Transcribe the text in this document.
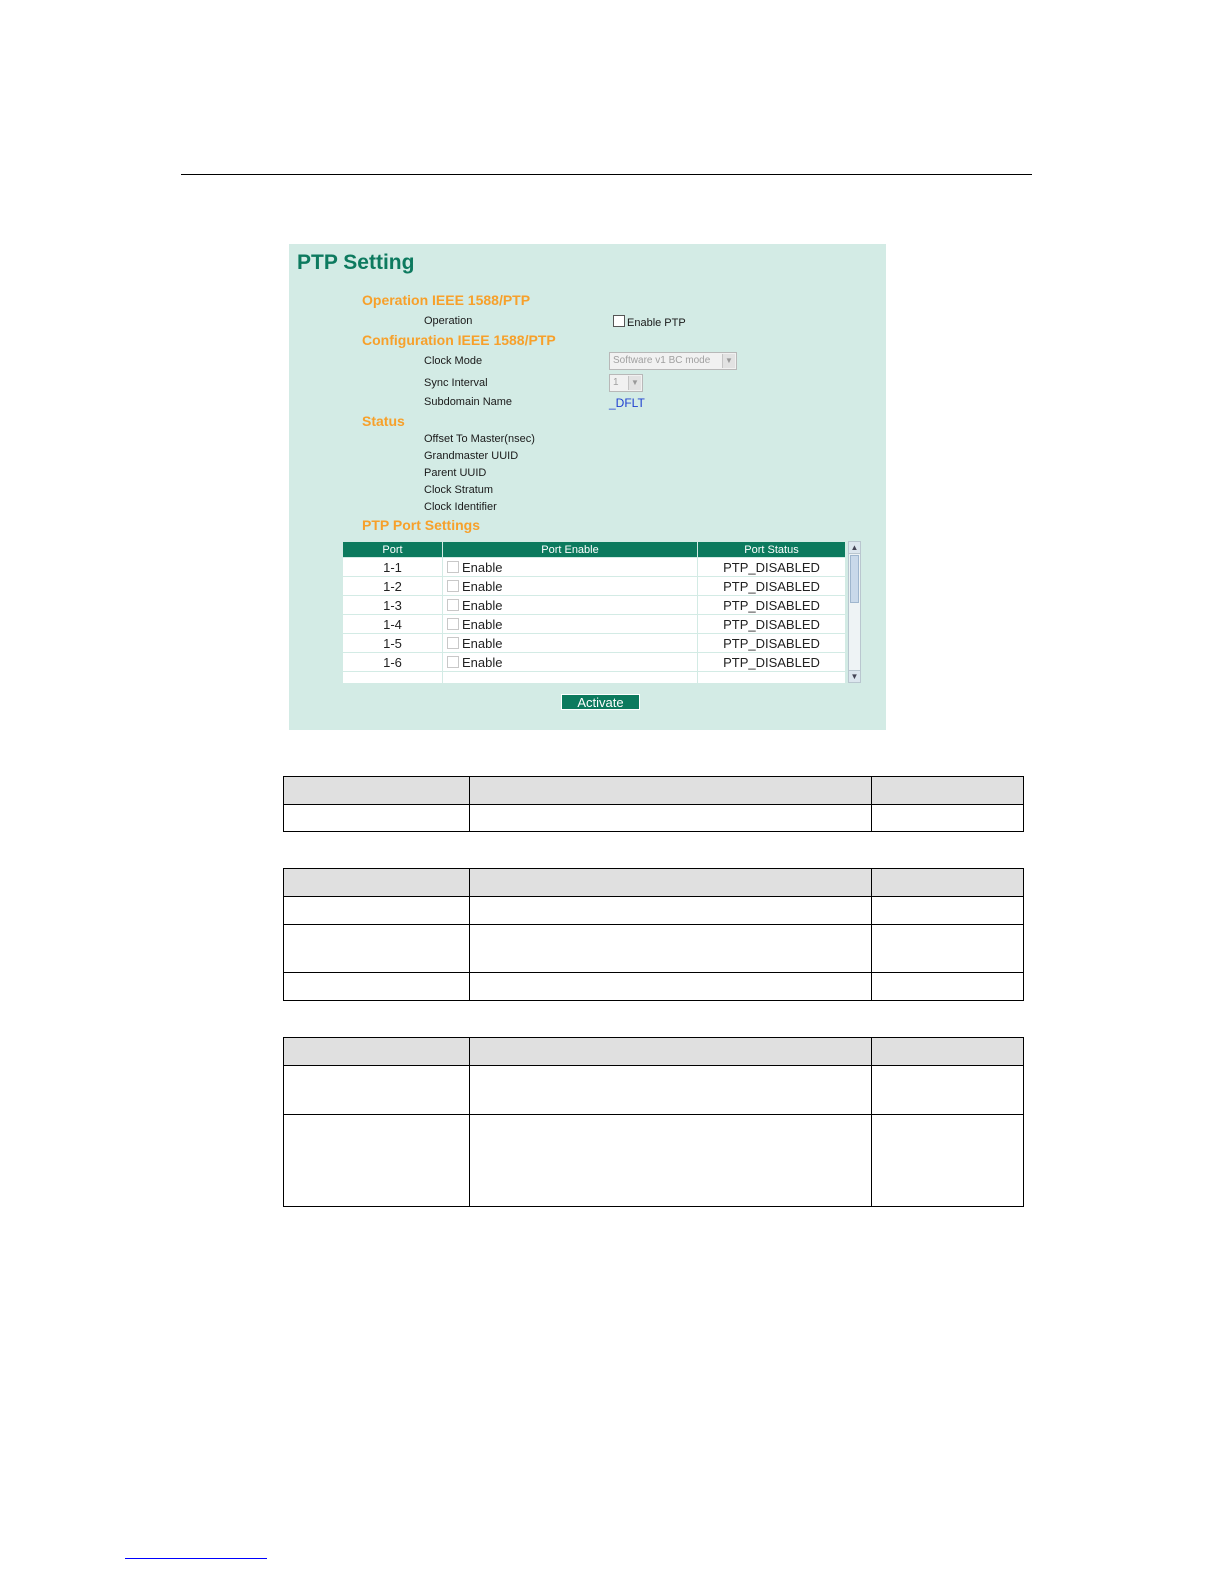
PTP Setting
Operation IEEE 1588/PTP
Operation	Enable PTP
Configuration IEEE 1588/PTP
Clock Mode	Software v1 BC mode	▼
Sync Interval	1	▼
Subdomain Name	_DFLT
Status
Offset To Master(nsec)
Grandmaster UUID
Parent UUID
Clock Stratum
Clock Identifier
PTP Port Settings
Port	Port Enable	Port Status
1-1	Enable	PTP_DISABLED
1-2	Enable	PTP_DISABLED
1-3	Enable	PTP_DISABLED
1-4	Enable	PTP_DISABLED
1-5	Enable	PTP_DISABLED
1-6	Enable	PTP_DISABLED

▲
▼
Activate
